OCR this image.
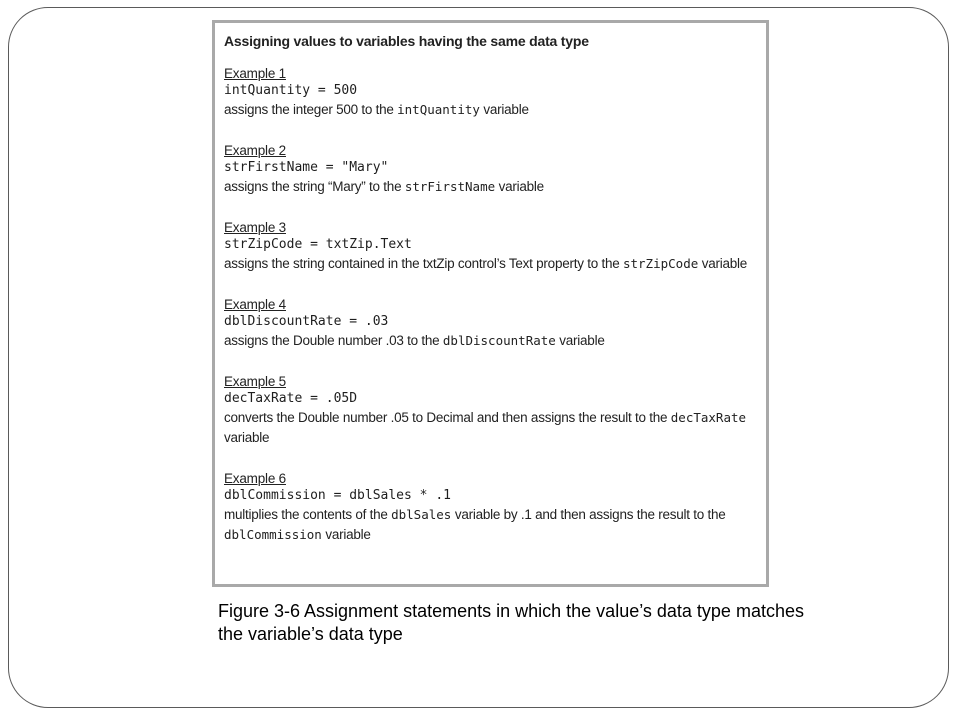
Assigning values to variables having the same data type
Example 1
intQuantity = 500
assigns the integer 500 to the intQuantity variable
Example 2
strFirstName = "Mary"
assigns the string “Mary” to the strFirstName variable
Example 3
strZipCode = txtZip.Text
assigns the string contained in the txtZip control’s Text property to the strZipCode variable
Example 4
dblDiscountRate = .03
assigns the Double number .03 to the dblDiscountRate variable
Example 5
decTaxRate = .05D
converts the Double number .05 to Decimal and then assigns the result to the decTaxRate variable
Example 6
dblCommission = dblSales * .1
multiplies the contents of the dblSales variable by .1 and then assigns the result to the dblCommission variable
Figure 3-6 Assignment statements in which the value’s data type matches the variable’s data type
